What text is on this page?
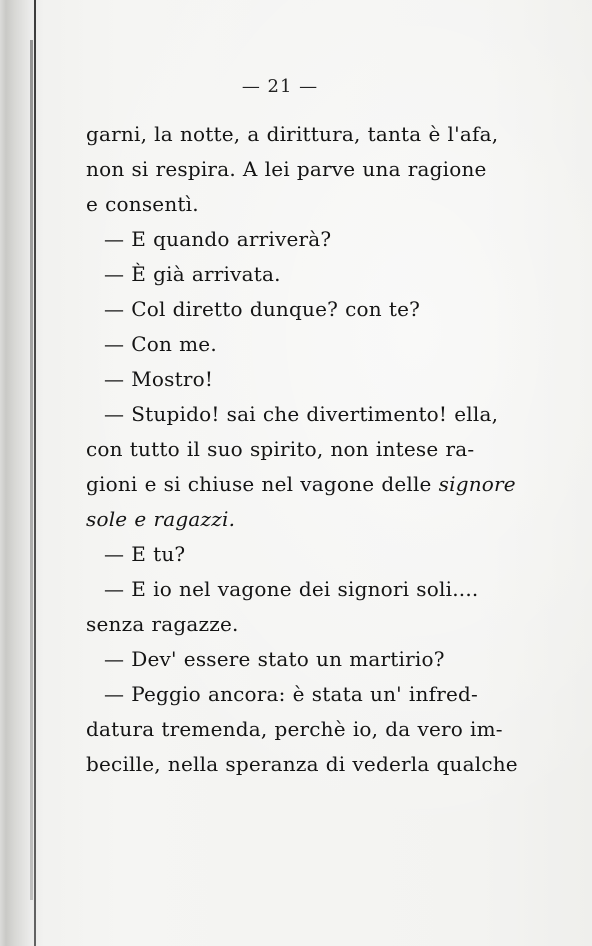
— 21 —
garni, la notte, a dirittura, tanta è l'afa,
non si respira. A lei parve una ragione
e consentì.
— E quando arriverà?
— È già arrivata.
— Col diretto dunque? con te?
— Con me.
— Mostro!
— Stupido! sai che divertimento! ella,
con tutto il suo spirito, non intese ra-
gioni e si chiuse nel vagone delle signore
sole e ragazzi.
— E tu?
— E io nel vagone dei signori soli....
senza ragazze.
— Dev' essere stato un martirio?
— Peggio ancora: è stata un' infred-
datura tremenda, perchè io, da vero im-
becille, nella speranza di vederla qualche
